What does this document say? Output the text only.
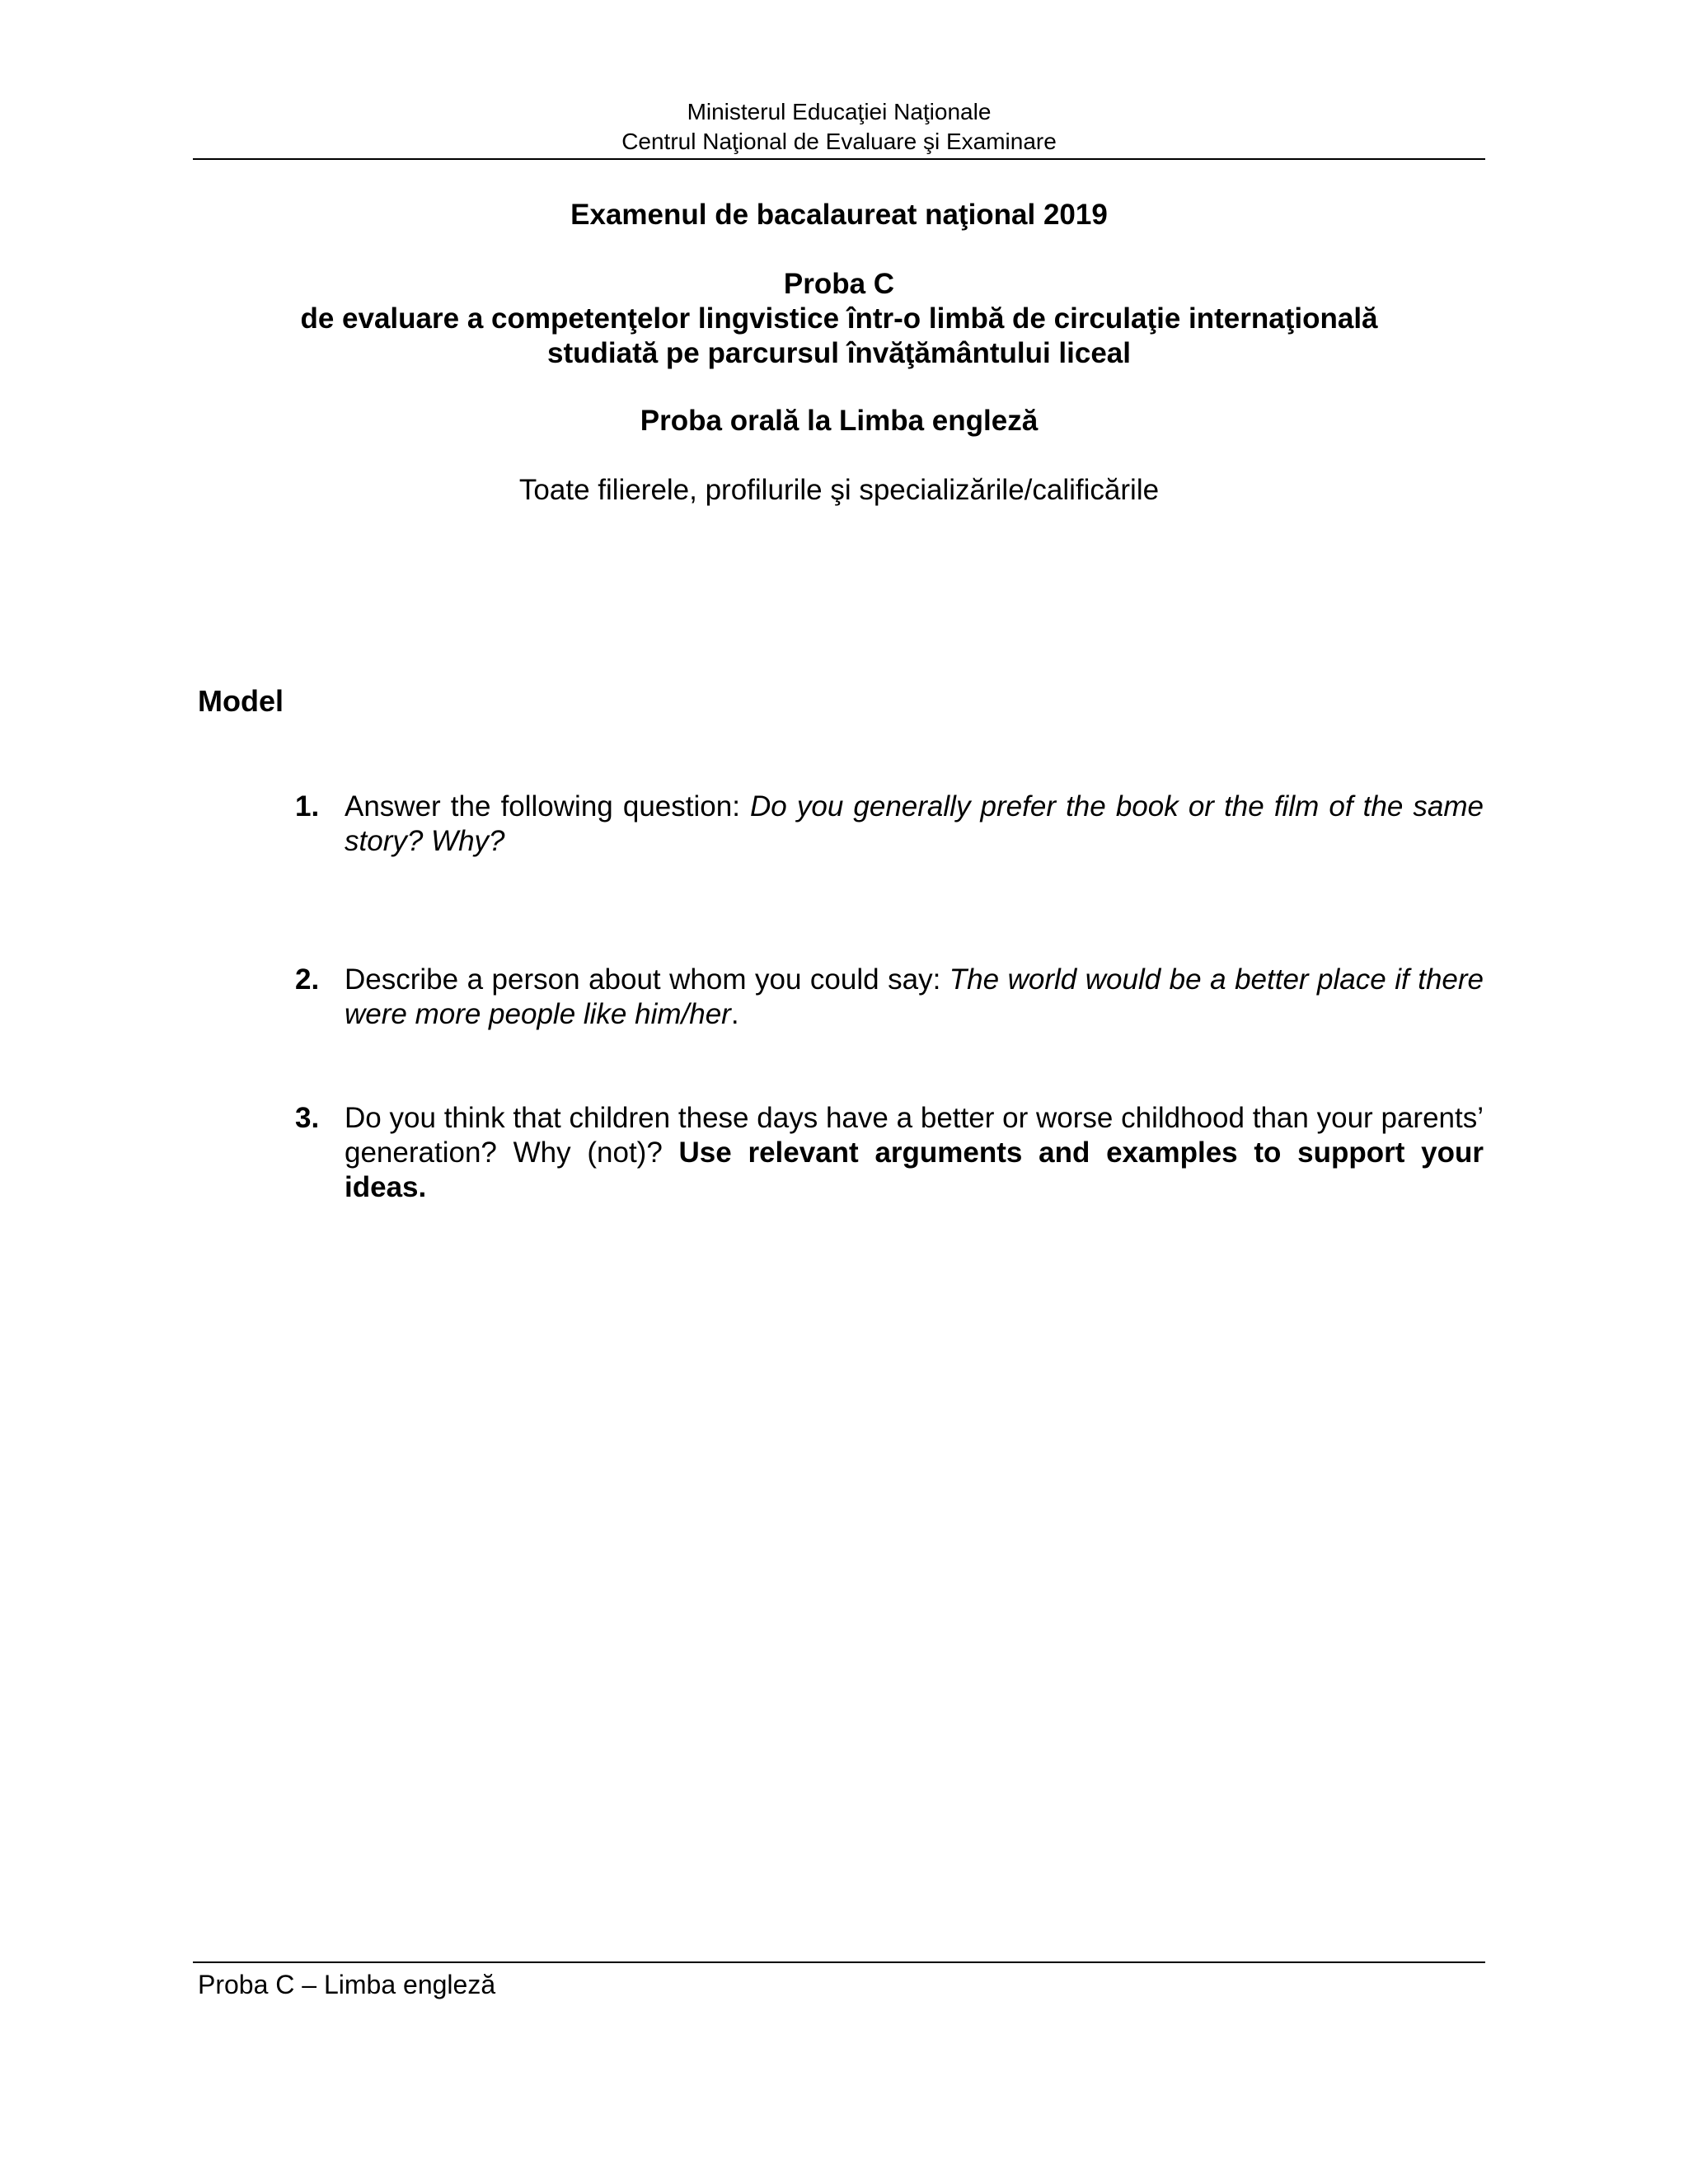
Ministerul Educaţiei Naţionale
Centrul Naţional de Evaluare şi Examinare
Examenul de bacalaureat naţional 2019
Proba C
de evaluare a competenţelor lingvistice într-o limbă de circulaţie internaţională
studiată pe parcursul învăţământului liceal
Proba orală la Limba engleză
Toate filierele, profilurile şi specializările/calificările
Model
1. Answer the following question: Do you generally prefer the book or the film of the same story? Why?
2. Describe a person about whom you could say: The world would be a better place if there were more people like him/her.
3. Do you think that children these days have a better or worse childhood than your parents’ generation? Why (not)? Use relevant arguments and examples to support your ideas.
Proba C – Limba engleză
